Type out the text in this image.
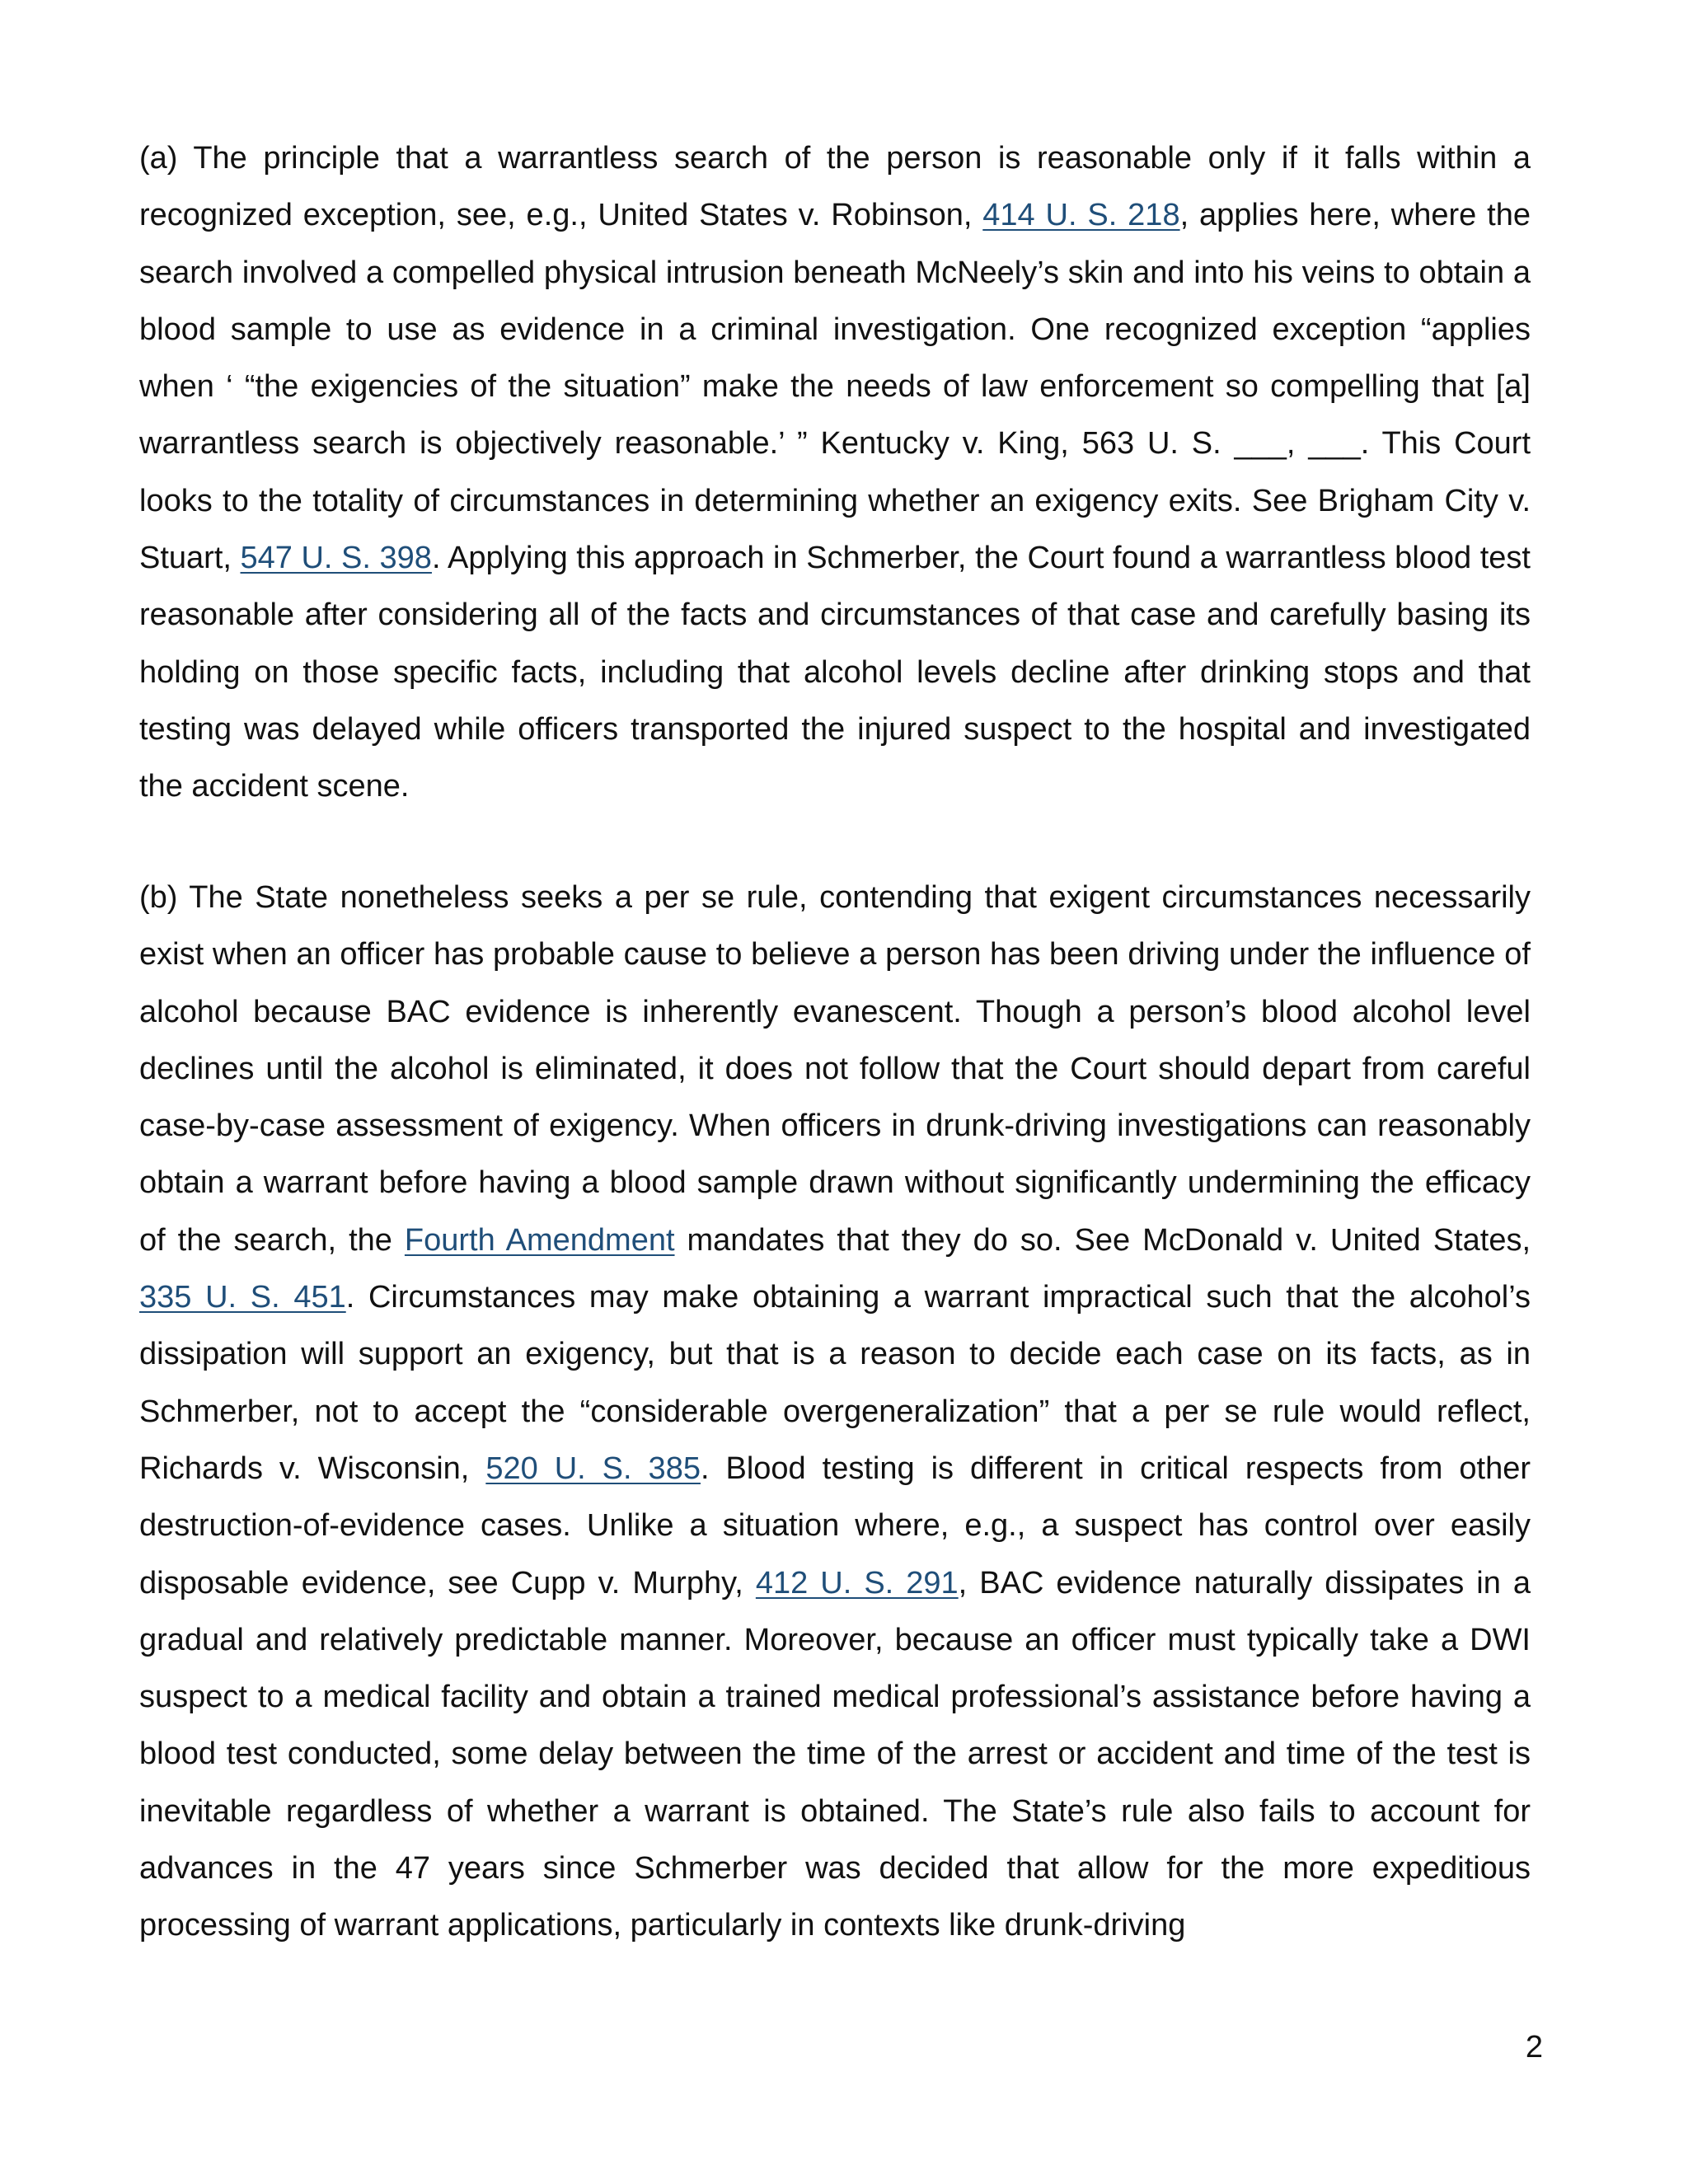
(a) The principle that a warrantless search of the person is reasonable only if it falls within a recognized exception, see, e.g., United States v. Robinson, 414 U. S. 218, applies here, where the search involved a compelled physical intrusion beneath McNeely’s skin and into his veins to obtain a blood sample to use as evidence in a criminal investigation. One recognized exception “applies when ‘ “the exigencies of the situation” make the needs of law enforcement so compelling that [a] warrantless search is objectively reasonable.’ ” Kentucky v. King, 563 U. S. ___, ___. This Court looks to the totality of circumstances in determining whether an exigency exits. See Brigham City v. Stuart, 547 U. S. 398. Applying this approach in Schmerber, the Court found a warrantless blood test reasonable after considering all of the facts and circumstances of that case and carefully basing its holding on those specific facts, including that alcohol levels decline after drinking stops and that testing was delayed while officers transported the injured suspect to the hospital and investigated the accident scene.

(b) The State nonetheless seeks a per se rule, contending that exigent circumstances necessarily exist when an officer has probable cause to believe a person has been driving under the influence of alcohol because BAC evidence is inherently evanescent. Though a person’s blood alcohol level declines until the alcohol is eliminated, it does not follow that the Court should depart from careful case-by-case assessment of exigency. When officers in drunk-driving investigations can reasonably obtain a warrant before having a blood sample drawn without significantly undermining the efficacy of the search, the Fourth Amendment mandates that they do so. See McDonald v. United States, 335 U. S. 451. Circumstances may make obtaining a warrant impractical such that the alcohol’s dissipation will support an exigency, but that is a reason to decide each case on its facts, as in Schmerber, not to accept the “considerable overgeneralization” that a per se rule would reflect, Richards v. Wisconsin, 520 U. S. 385. Blood testing is different in critical respects from other destruction-of-evidence cases. Unlike a situation where, e.g., a suspect has control over easily disposable evidence, see Cupp v. Murphy, 412 U. S. 291, BAC evidence naturally dissipates in a gradual and relatively predictable manner. Moreover, because an officer must typically take a DWI suspect to a medical facility and obtain a trained medical professional’s assistance before having a blood test conducted, some delay between the time of the arrest or accident and time of the test is inevitable regardless of whether a warrant is obtained. The State’s rule also fails to account for advances in the 47 years since Schmerber was decided that allow for the more expeditious processing of warrant applications, particularly in contexts like drunk-driving

2
